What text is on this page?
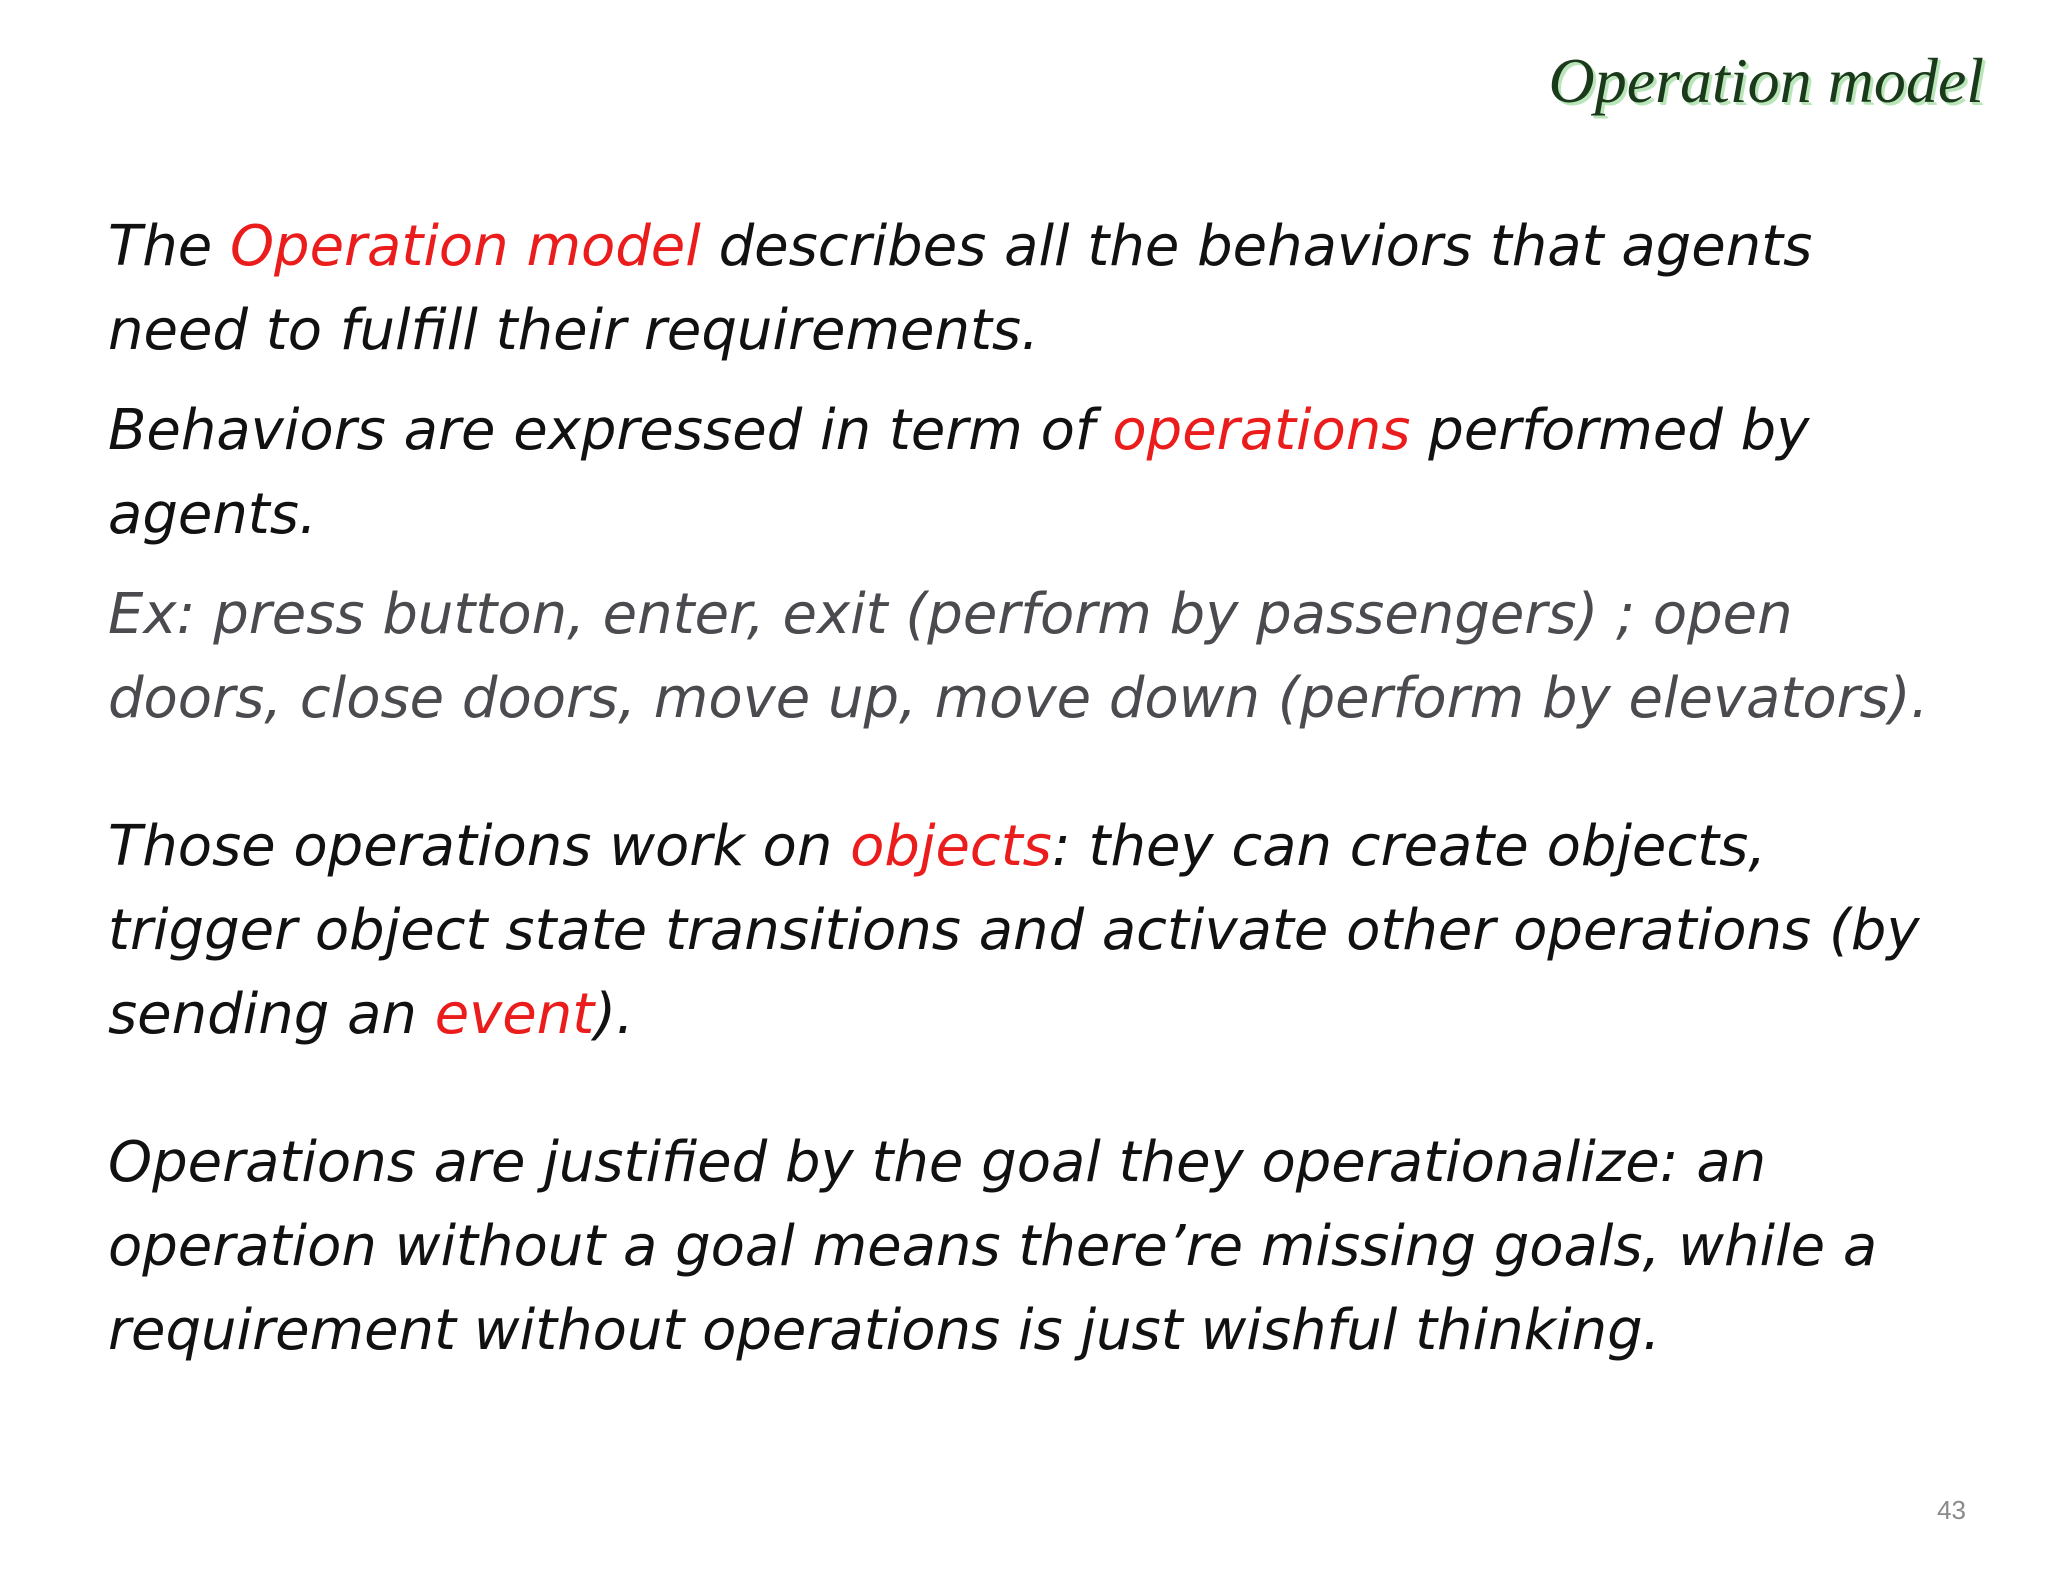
Operation model

The Operation model describes all the behaviors that agents need to fulfill their requirements.

Behaviors are expressed in term of operations performed by agents.

Ex: press button, enter, exit (perform by passengers) ; open doors, close doors, move up, move down (perform by elevators).

Those operations work on objects: they can create objects, trigger object state transitions and activate other operations (by sending an event).

Operations are justified by the goal they operationalize: an operation without a goal means there’re missing goals, while a requirement without operations is just wishful thinking.

43
